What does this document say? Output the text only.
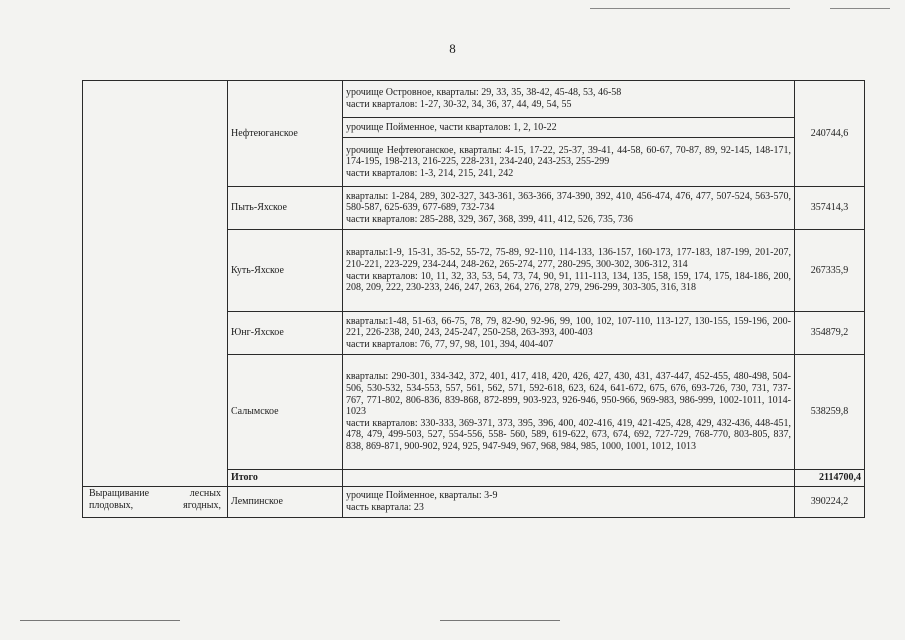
8
	Нефтеюганское	урочище Островное, кварталы: 29, 33, 35, 38-42, 45-48, 53, 46-58

части кварталов: 1-27, 30-32, 34, 36, 37, 44, 49, 54, 55	240744,6

		урочище Пойменное, части кварталов: 1, 2, 10-22	

		урочище Нефтеюганское, кварталы: 4-15, 17-22, 25-37, 39-41, 44-58, 60-67, 70-87, 89, 92-145, 148-171, 174-195, 198-213, 216-225, 228-231, 234-240, 243-253, 255-299

части кварталов: 1-3, 214, 215, 241, 242	

	Пыть-Яхское	кварталы: 1-284, 289, 302-327, 343-361, 363-366, 374-390, 392, 410, 456-474, 476, 477, 507-524, 563-570, 580-587, 625-639, 677-689, 732-734

части кварталов: 285-288, 329, 367, 368, 399, 411, 412, 526, 735, 736	357414,3
	Куть-Яхское	кварталы:1-9, 15-31, 35-52, 55-72, 75-89, 92-110, 114-133, 136-157, 160-173, 177-183, 187-199, 201-207, 210-221, 223-229, 234-244, 248-262, 265-274, 277, 280-295, 300-302, 306-312, 314

части кварталов: 10, 11, 32, 33, 53, 54, 73, 74, 90, 91, 111-113, 134, 135, 158, 159, 174, 175, 184-186, 200, 208, 209, 222, 230-233, 246, 247, 263, 264, 276, 278, 279, 296-299, 303-305, 316, 318	267335,9
	Юнг-Яхское	кварталы:1-48, 51-63, 66-75, 78, 79, 82-90, 92-96, 99, 100, 102, 107-110, 113-127, 130-155, 159-196, 200-221, 226-238, 240, 243, 245-247, 250-258, 263-393, 400-403

части кварталов: 76, 77, 97, 98, 101, 394, 404-407	354879,2
	Салымское	кварталы: 290-301, 334-342, 372, 401, 417, 418, 420, 426, 427, 430, 431, 437-447, 452-455, 480-498, 504-506, 530-532, 534-553, 557, 561, 562, 571, 592-618, 623, 624, 641-672, 675, 676, 693-726, 730, 731, 737-767, 771-802, 806-836, 839-868, 872-899, 903-923, 926-946, 950-966, 969-983, 986-999, 1002-1011, 1014-1023

части кварталов: 330-333, 369-371, 373, 395, 396, 400, 402-416, 419, 421-425, 428, 429, 432-436, 448-451, 478, 479, 499-503, 527, 554-556, 558- 560, 589, 619-622, 673, 674, 692, 727-729, 768-770, 803-805, 837, 838, 869-871, 900-902, 924, 925, 947-949, 967, 968, 984, 985, 1000, 1001, 1012, 1013	538259,8
	Итого		2114700,4

Выращивание лесных плодовых, ягодных,	Лемпинское	урочище Пойменное, кварталы: 3-9

часть квартала: 23	390224,2
